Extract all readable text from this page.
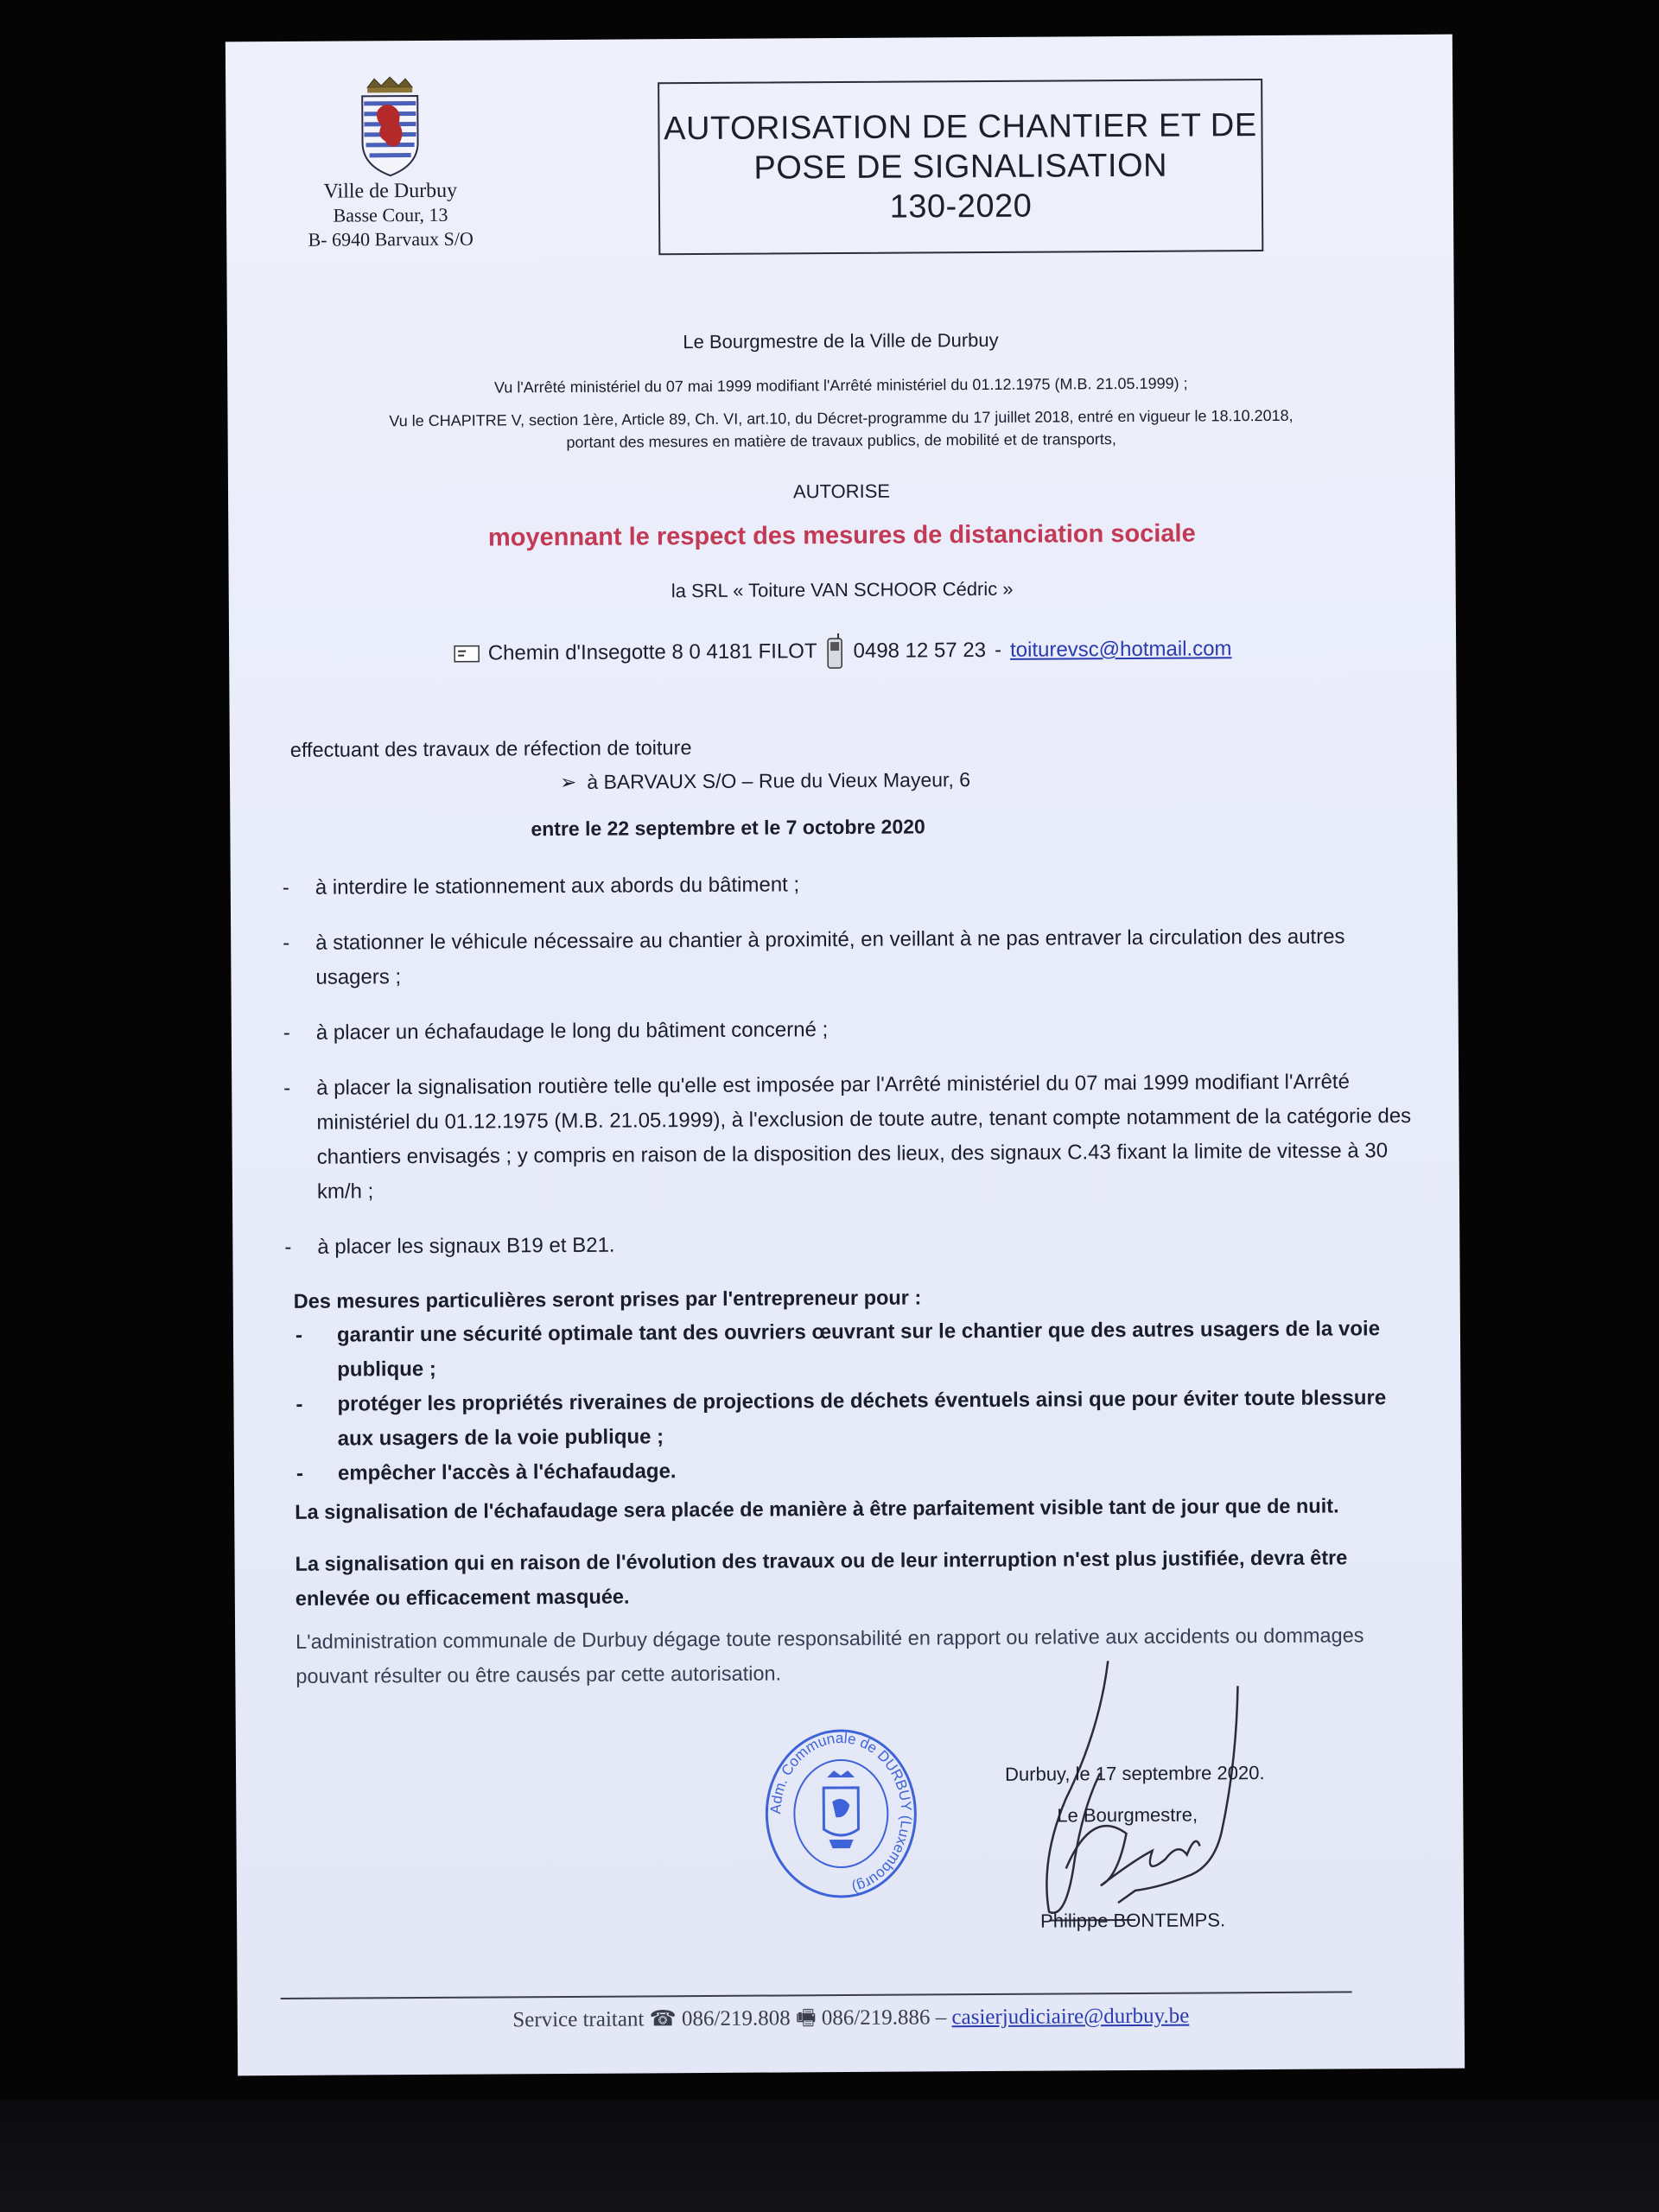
Ville de Durbuy

Basse Cour, 13

B- 6940 Barvaux S/O

AUTORISATION DE CHANTIER ET DE
POSE DE SIGNALISATION
130-2020
Le Bourgmestre de la Ville de Durbuy
Vu l'Arrêté ministériel du 07 mai 1999 modifiant l'Arrêté ministériel du 01.12.1975 (M.B. 21.05.1999) ;
Vu le CHAPITRE V, section 1ère, Article 89, Ch. VI, art.10, du Décret-programme du 17 juillet 2018, entré en vigueur le 18.10.2018,
portant des mesures en matière de travaux publics, de mobilité et de transports,
AUTORISE
moyennant le respect des mesures de distanciation sociale
la SRL « Toiture VAN SCHOOR Cédric »
Chemin d'Insegotte 8 0 4181 FILOT 0498 12 57 23 - toiturevsc@hotmail.com
effectuant des travaux de réfection de toiture
➢ à BARVAUX S/O – Rue du Vieux Mayeur, 6
entre le 22 septembre et le 7 octobre 2020
- à interdire le stationnement aux abords du bâtiment ;
- à stationner le véhicule nécessaire au chantier à proximité, en veillant à ne pas entraver la circulation des autres usagers ;
- à placer un échafaudage le long du bâtiment concerné ;
- à placer la signalisation routière telle qu'elle est imposée par l'Arrêté ministériel du 07 mai 1999 modifiant l'Arrêté ministériel du 01.12.1975 (M.B. 21.05.1999), à l'exclusion de toute autre, tenant compte notamment de la catégorie des chantiers envisagés ; y compris en raison de la disposition des lieux, des signaux C.43 fixant la limite de vitesse à 30 km/h ;
- à placer les signaux B19 et B21.
Des mesures particulières seront prises par l'entrepreneur pour :
- garantir une sécurité optimale tant des ouvriers œuvrant sur le chantier que des autres usagers de la voie publique ;
- protéger les propriétés riveraines de projections de déchets éventuels ainsi que pour éviter toute blessure aux usagers de la voie publique ;
- empêcher l'accès à l'échafaudage.
La signalisation de l'échafaudage sera placée de manière à être parfaitement visible tant de jour que de nuit.
La signalisation qui en raison de l'évolution des travaux ou de leur interruption n'est plus justifiée, devra être enlevée ou efficacement masquée.
L'administration communale de Durbuy dégage toute responsabilité en rapport ou relative aux accidents ou dommages pouvant résulter ou être causés par cette autorisation.
Adm. Communale de DURBUY (Luxembourg)
Durbuy, le 17 septembre 2020.
Le Bourgmestre,
Philippe BONTEMPS.
Service traitant ☎ 086/219.808 🖷 086/219.886 – casierjudiciaire@durbuy.be
